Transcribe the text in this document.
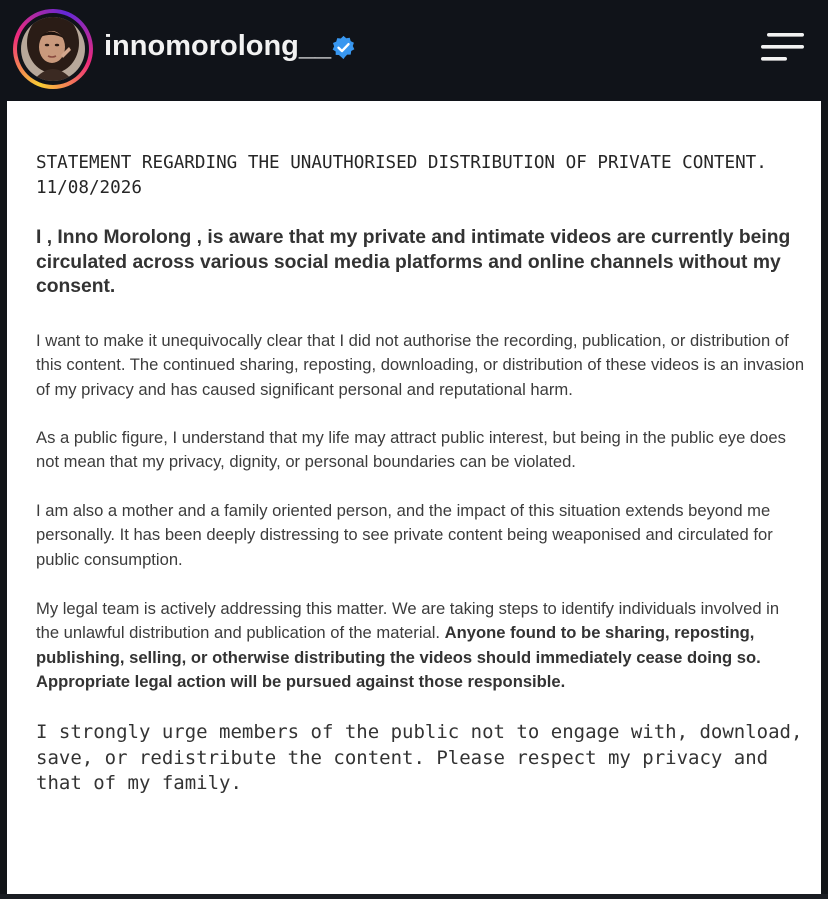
innomorolong__
STATEMENT REGARDING THE UNAUTHORISED DISTRIBUTION OF PRIVATE CONTENT. 11/08/2026

I , Inno Morolong , is aware that my private and intimate videos are currently being circulated across various social media platforms and online channels without my consent.

I want to make it unequivocally clear that I did not authorise the recording, publication, or distribution of this content. The continued sharing, reposting, downloading, or distribution of these videos is an invasion of my privacy and has caused significant personal and reputational harm.

As a public figure, I understand that my life may attract public interest, but being in the public eye does not mean that my privacy, dignity, or personal boundaries can be violated.

I am also a mother and a family oriented person, and the impact of this situation extends beyond me personally. It has been deeply distressing to see private content being weaponised and circulated for public consumption.

My legal team is actively addressing this matter. We are taking steps to identify individuals involved in the unlawful distribution and publication of the material. Anyone found to be sharing, reposting, publishing, selling, or otherwise distributing the videos should immediately cease doing so. Appropriate legal action will be pursued against those responsible.

I strongly urge members of the public not to engage with, download, save, or redistribute the content. Please respect my privacy and that of my family.
